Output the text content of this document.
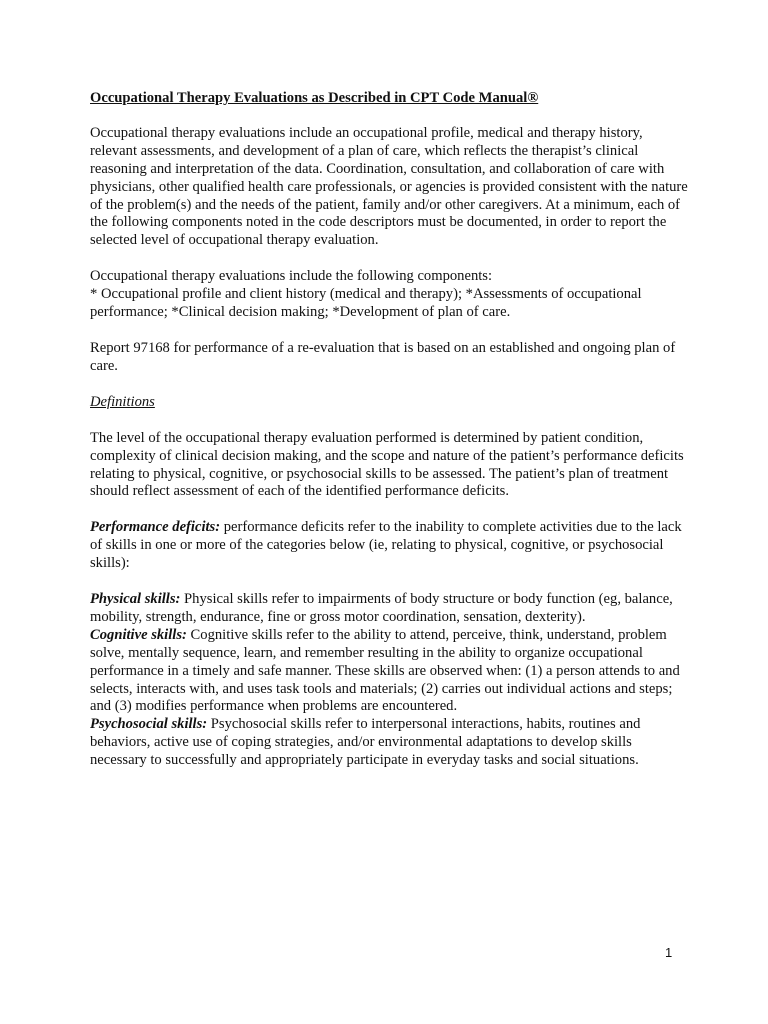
Occupational Therapy Evaluations as Described in CPT Code Manual®

Occupational therapy evaluations include an occupational profile, medical and therapy history, relevant assessments, and development of a plan of care, which reflects the therapist’s clinical reasoning and interpretation of the data. Coordination, consultation, and collaboration of care with physicians, other qualified health care professionals, or agencies is provided consistent with the nature of the problem(s) and the needs of the patient, family and/or other caregivers. At a minimum, each of the following components noted in the code descriptors must be documented, in order to report the selected level of occupational therapy evaluation.

Occupational therapy evaluations include the following components:
* Occupational profile and client history (medical and therapy); *Assessments of occupational performance; *Clinical decision making; *Development of plan of care.

Report 97168 for performance of a re-evaluation that is based on an established and ongoing plan of care.

Definitions

The level of the occupational therapy evaluation performed is determined by patient condition, complexity of clinical decision making, and the scope and nature of the patient’s performance deficits relating to physical, cognitive, or psychosocial skills to be assessed. The patient’s plan of treatment should reflect assessment of each of the identified performance deficits.

Performance deficits: performance deficits refer to the inability to complete activities due to the lack of skills in one or more of the categories below (ie, relating to physical, cognitive, or psychosocial skills):

Physical skills: Physical skills refer to impairments of body structure or body function (eg, balance, mobility, strength, endurance, fine or gross motor coordination, sensation, dexterity).

Cognitive skills: Cognitive skills refer to the ability to attend, perceive, think, understand, problem solve, mentally sequence, learn, and remember resulting in the ability to organize occupational performance in a timely and safe manner. These skills are observed when: (1) a person attends to and selects, interacts with, and uses task tools and materials; (2) carries out individual actions and steps; and (3) modifies performance when problems are encountered.

Psychosocial skills: Psychosocial skills refer to interpersonal interactions, habits, routines and behaviors, active use of coping strategies, and/or environmental adaptations to develop skills necessary to successfully and appropriately participate in everyday tasks and social situations.

1
